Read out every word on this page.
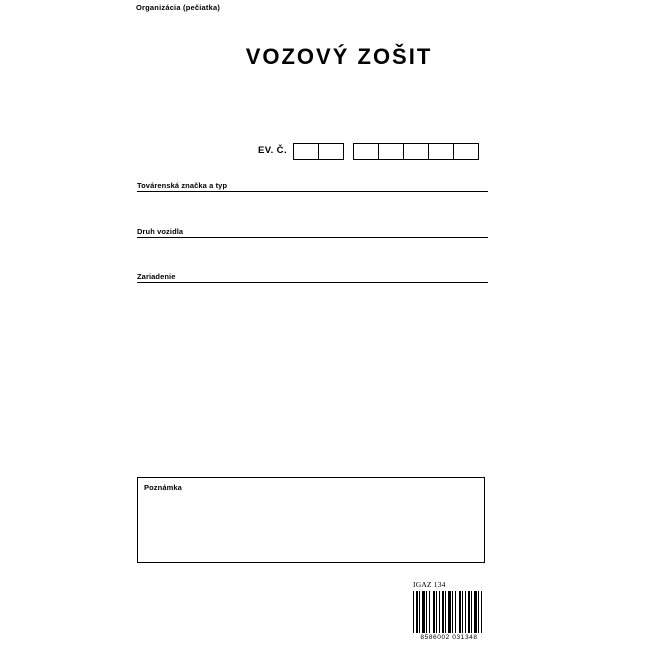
Organizácia (pečiatka)
VOZOVÝ ZOŠIT
EV. Č.
Továrenská značka a typ
Druh vozidla
Zariadenie
Poznámka
IGAZ 134
8586002 031348
